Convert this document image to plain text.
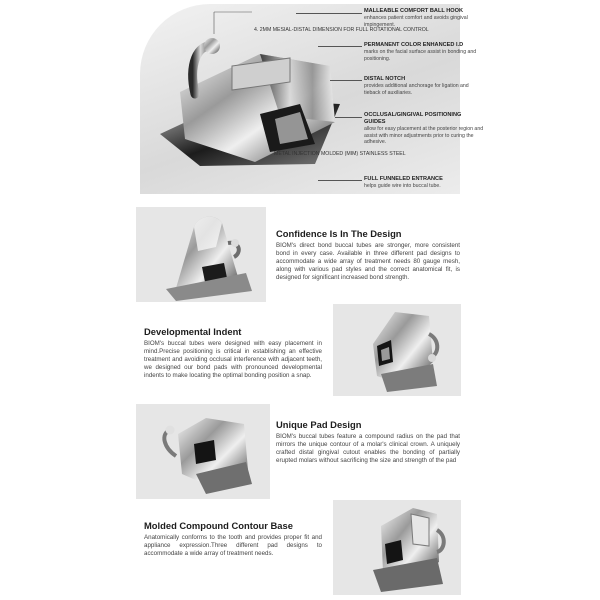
4. 2MM MESIAL-DISTAL DIMENSION FOR FULL ROTATIONAL CONTROL
METAL INJECTION MOLDED (MIM) STAINLESS STEEL
MALLEABLE COMFORT BALL HOOK
enhances patient comfort and avoids gingival impingement.
PERMANENT COLOR ENHANCED I.D
marks on the facial surface assist in bonding and positioning.
DISTAL NOTCH
provides additional anchorage for ligation and tieback of auxiliaries.
OCCLUSAL/GINGIVAL POSITIONING GUIDES
allow for easy placement at the posterior region and assist with minor adjustments prior to curing the adhesive.
FULL FUNNELED ENTRANCE
helps guide wire into buccal tube.
Confidence Is In The Design
BIOM's direct bond buccal tubes are stronger, more consistent bond in every case. Available in three different pad designs to accommodate a wide array of treatment needs 80 gauge mesh, along with various pad styles and the correct anatomical fit, is designed for significant increased bond strength.
Developmental Indent
BIOM's buccal tubes were designed with easy placement in mind.Precise positioning is critical in establishing an effective treatment and avoiding occlusal interference with adjacent teeth, we designed our bond pads with pronounced developmental indents to make locating the optimal bonding position a snap.
Unique Pad Design
BIOM's buccal tubes feature a compound radius on the pad that mirrors the unique contour of a molar's clinical crown. A uniquely crafted distal gingival cutout enables the bonding of partially erupted molars without sacrificing the size and strength of the pad
Molded Compound Contour Base
Anatomically conforms to the tooth and provides proper fit and appliance expression.Three different pad designs to accommodate a wide array of treatment needs.
